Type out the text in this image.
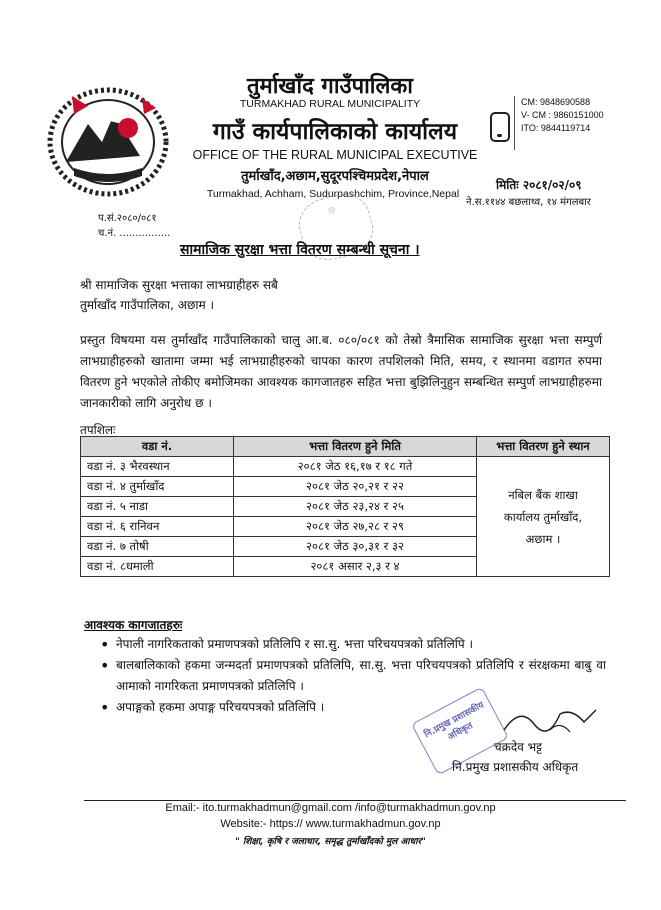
तुर्माखाँद गाउँपालिका
TURMAKHAD RURAL MUNICIPALITY
गाउँ कार्यपालिकाको कार्यालय
OFFICE OF THE RURAL MUNICIPAL EXECUTIVE
तुर्माखाँद,अछाम,सुदूरपश्चिमप्रदेश,नेपाल
Turmakhad, Achham, Sudurpashchim, Province,Nepal
CM: 9848690588
V- CM : 9860151000
ITO: 9844119714
◎
मितिः २०८१/०२/०९
ने.स.११४४ बछलाथ्व, १४ मंगलबार
प.सं.२०८०/०८१
च.नं. ................
सामाजिक सुरक्षा भत्ता वितरण सम्बन्धी सूचना ।
श्री सामाजिक सुरक्षा भत्ताका लाभग्राहीहरु सबै
तुर्माखाँद गाउँपालिका, अछाम ।
प्रस्तुत विषयमा यस तुर्माखाँद गाउँपालिकाको चालु आ.ब. ०८०/०८१ को तेस्रो त्रैमासिक सामाजिक सुरक्षा भत्ता सम्पुर्ण लाभग्राहीहरुको खातामा जम्मा भई लाभग्राहीहरुको चापका कारण तपशिलको मिति, समय, र स्थानमा वडागत रुपमा वितरण हुने भएकोले तोकीए बमोजिमका आवश्यक कागजातहरु सहित भत्ता बुझिलिनुहुन सम्बन्धित सम्पुर्ण लाभग्राहीहरुमा जानकारीको लागि अनुरोध छ ।
तपशिलः
वडा नं.	भत्ता वितरण हुने मिति	भत्ता वितरण हुने स्थान
वडा नं. ३ भैरवस्थान	२०८१ जेठ १६,१७ र १८ गते	नबिल बैंक शाखा कार्यालय तुर्माखाँद, अछाम ।
वडा नं. ४ तुर्माखाँद	२०८१ जेठ २०,२१ र २२	
वडा नं. ५ नाडा	२०८१ जेठ २३,२४ र २५	
वडा नं. ६ रानिवन	२०८१ जेठ २७,२८ र २९	
वडा नं. ७ तोषी	२०८१ जेठ ३०,३१ र ३२	
वडा नं. ८धमाली	२०८१ असार २,३ र ४	
आवश्यक कागजातहरुः
• नेपाली नागरिकताको प्रमाणपत्रको प्रतिलिपि र सा.सु. भत्ता परिचयपत्रको प्रतिलिपि ।
• बालबालिकाको हकमा जन्मदर्ता प्रमाणपत्रको प्रतिलिपि, सा.सु. भत्ता परिचयपत्रको प्रतिलिपि र संरक्षकमा बाबु वा आमाको नागरिकता प्रमाणपत्रको प्रतिलिपि ।
• अपाङ्गको हकमा अपाङ्ग परिचयपत्रको प्रतिलिपि ।	नि.प्रमुख प्रशासकीय अधिकृत
चक्रदेव भट्ट
नि.प्रमुख प्रशासकीय अधिकृत
Email:- ito.turmakhadmun@gmail.com /info@turmakhadmun.gov.np
Website:- https:// www.turmakhadmun.gov.np
" शिक्षा, कृषि र जलाधार, समृद्ध तुर्माखाँदको मुल आधार"
